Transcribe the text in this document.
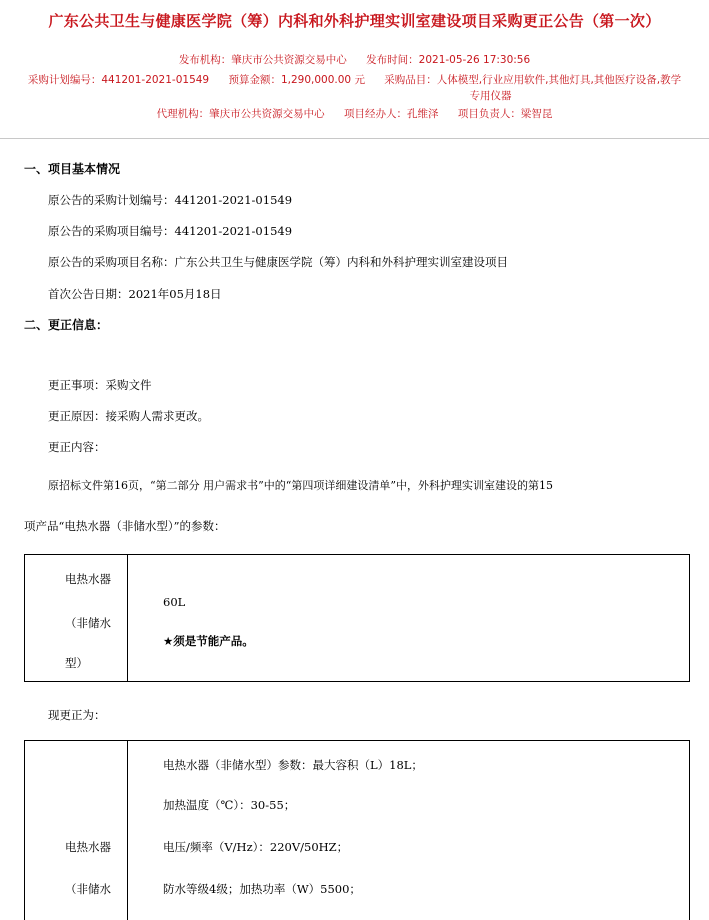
广东公共卫生与健康医学院（筹）内科和外科护理实训室建设项目采购更正公告（第一次）
发布机构：肇庆市公共资源交易中心 发布时间：2021-05-26 17:30:56
采购计划编号：441201-2021-01549 预算金额：1,290,000.00 元 采购品目：人体模型,行业应用软件,其他灯具,其他医疗设备,教学
专用仪器
代理机构：肇庆市公共资源交易中心 项目经办人：孔维泽 项目负责人：梁智昆
一、项目基本情况
原公告的采购计划编号：441201-2021-01549
原公告的采购项目编号：441201-2021-01549
原公告的采购项目名称：广东公共卫生与健康医学院（筹）内科和外科护理实训室建设项目
首次公告日期：2021年05月18日
二、更正信息：
更正事项：采购文件
更正原因：接采购人需求更改。
更正内容：
原招标文件第16页，“第二部分 用户需求书”中的“第四项详细建设清单”中，外科护理实训室建设的第15
项产品“电热水器（非储水型）”的参数：
电热水器
（非储水
型）
60L
★须是节能产品。
现更正为：
电热水器
（非储水
电热水器（非储水型）参数：最大容积（L）18L；
加热温度（℃）：30-55；
电压/频率（V/Hz）：220V/50HZ；
防水等级4级；加热功率（W）5500；
